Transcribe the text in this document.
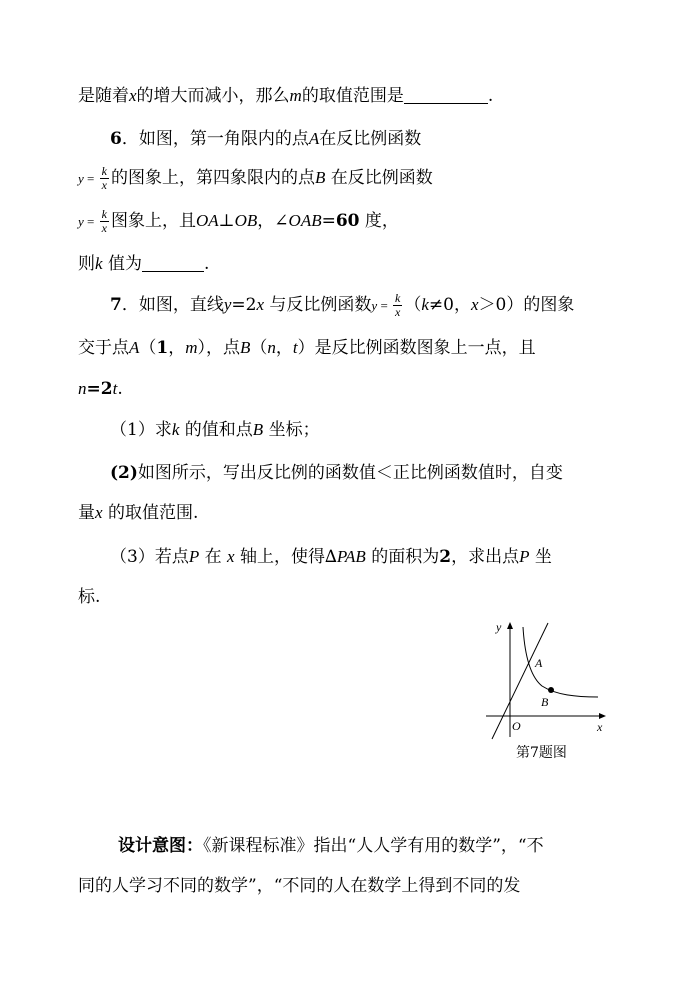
是随着x的增大而减小，那么m的取值范围是	.
6．如图，第一角限内的点A在反比例函数
$y = \frac{k}{x}$ 的图象上，第四象限内的点B 在反比例函数
$y = \frac{k}{x}$ 图象上，且OA⊥OB，∠OAB=60 度，
则k 值为	.
7．如图，直线y=2x 与反比例函数$y = \frac{k}{x} (k\ne 0$，x＞0）的图象
交于点A（1，m），点B（n，t）是反比例函数图象上一点，且
n=2t.
（1）求k 的值和点B 坐标；
(2)如图所示，写出反比例的函数值＜正比例函数值时，自变
量x 的取值范围.
（3）若点P 在 x 轴上，使得∆PAB 的面积为2，求出点P 坐
标.
y
x
O
A
B
第7题图
设计意图：《新课程标准》指出“人人学有用的数学”，“不
同的人学习不同的数学”，“不同的人在数学上得到不同的发
